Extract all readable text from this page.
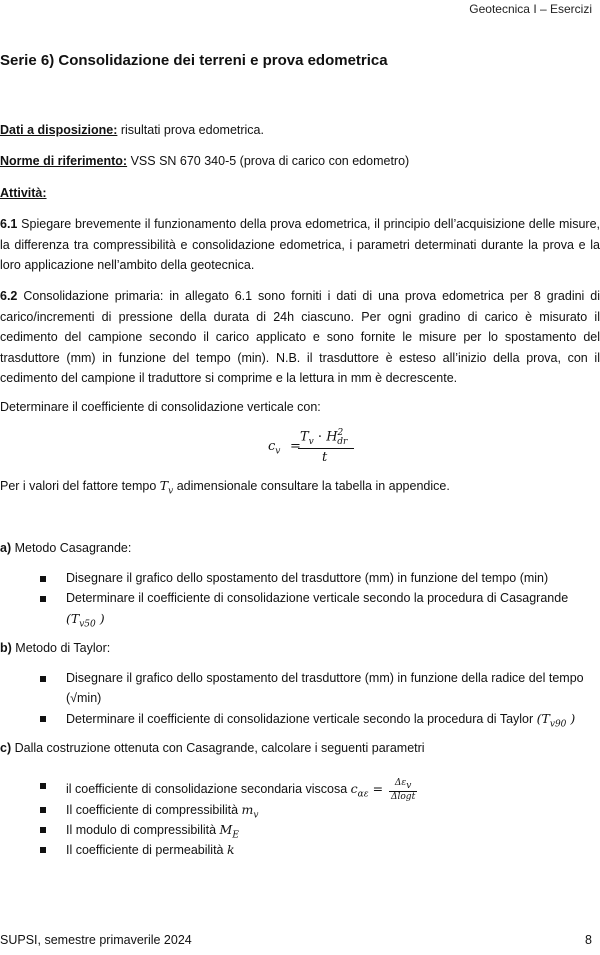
Geotecnica I – Esercizi
Serie 6) Consolidazione dei terreni e prova edometrica
Dati a disposizione: risultati prova edometrica.
Norme di riferimento: VSS SN 670 340-5 (prova di carico con edometro)
Attività:
6.1 Spiegare brevemente il funzionamento della prova edometrica, il principio dell’acquisizione delle misure, la differenza tra compressibilità e consolidazione edometrica, i parametri determinati durante la prova e la loro applicazione nell’ambito della geotecnica.
6.2 Consolidazione primaria: in allegato 6.1 sono forniti i dati di una prova edometrica per 8 gradini di carico/incrementi di pressione della durata di 24h ciascuno. Per ogni gradino di carico è misurato il cedimento del campione secondo il carico applicato e sono fornite le misure per lo spostamento del trasduttore (mm) in funzione del tempo (min). N.B. il trasduttore è esteso all’inizio della prova, con il cedimento del campione il traduttore si comprime e la lettura in mm è decrescente.
Determinare il coefficiente di consolidazione verticale con:
$c_v$ =
$T_v \cdot H^2_{dr}$
t
Per i valori del fattore tempo $T_v$ adimensionale consultare la tabella in appendice.
a) Metodo Casagrande:
Disegnare il grafico dello spostamento del trasduttore (mm) in funzione del tempo (min)
Determinare il coefficiente di consolidazione verticale secondo la procedura di Casagrande
($T_{v50}$ )
b) Metodo di Taylor:
Disegnare il grafico dello spostamento del trasduttore (mm) in funzione della radice del tempo
(√min)
Determinare il coefficiente di consolidazione verticale secondo la procedura di Taylor ($T_{v90}$ )
c) Dalla costruzione ottenuta con Casagrande, calcolare i seguenti parametri
il coefficiente di consolidazione secondaria viscosa $c_{\alpha\varepsilon} = \frac{\Delta\varepsilon_v}{\Delta\log t}$
Il coefficiente di compressibilità $m_v$
Il modulo di compressibilità $M_E$
Il coefficiente di permeabilità k
SUPSI, semestre primaverile 2024	8
